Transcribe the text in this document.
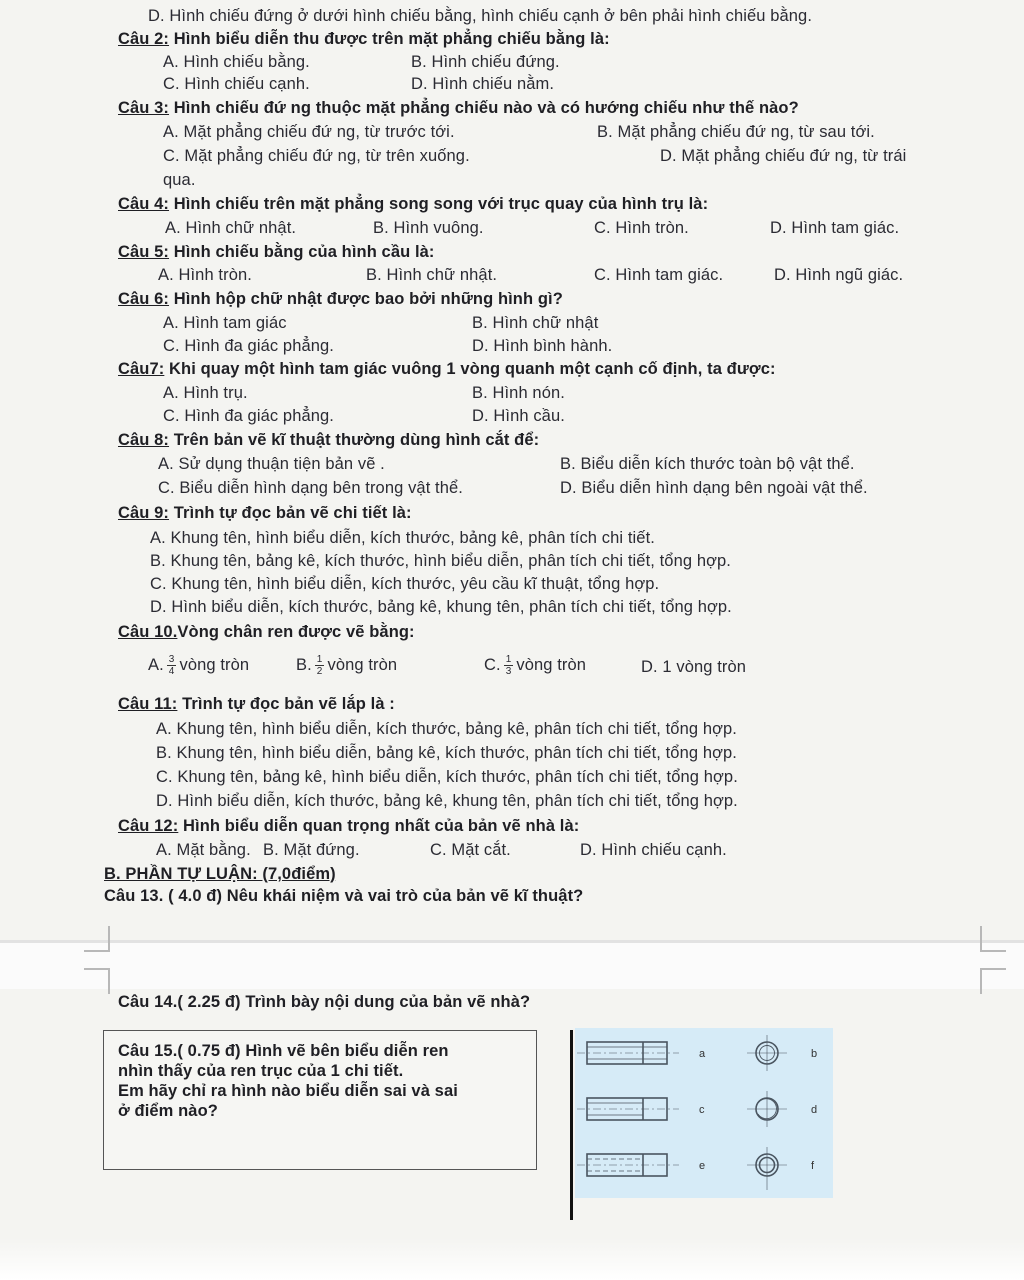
D. Hình chiếu đứng ở dưới hình chiếu bằng, hình chiếu cạnh ở bên phải hình chiếu bằng.
Câu 2: Hình biểu diễn thu được trên mặt phẳng chiếu bằng là:
A. Hình chiếu bằng.	B. Hình chiếu đứng.
C. Hình chiếu cạnh.	D. Hình chiếu nằm.
Câu 3: Hình chiếu đứ ng thuộc mặt phẳng chiếu nào và có hướng chiếu như thế nào?
A. Mặt phẳng chiếu đứ ng, từ trước tới.	B. Mặt phẳng chiếu đứ ng, từ sau tới.
C. Mặt phẳng chiếu đứ ng, từ trên xuống.	D. Mặt phẳng chiếu đứ ng, từ trái
qua.
Câu 4: Hình chiếu trên mặt phẳng song song với trục quay của hình trụ là:
A. Hình chữ nhật.	B. Hình vuông.	C. Hình tròn.	D. Hình tam giác.
Câu 5: Hình chiếu bằng của hình cầu là:
A. Hình tròn.	B. Hình chữ nhật.	C. Hình tam giác.	D. Hình ngũ giác.
Câu 6: Hình hộp chữ nhật được bao bởi những hình gì?
A. Hình tam giác	B. Hình chữ nhật
C. Hình đa giác phẳng.	D. Hình bình hành.
Câu7: Khi quay một hình tam giác vuông 1 vòng quanh một cạnh cố định, ta được:
A. Hình trụ.	B. Hình nón.
C. Hình đa giác phẳng.	D. Hình cầu.
Câu 8: Trên bản vẽ kĩ thuật thường dùng hình cắt để:
A. Sử dụng thuận tiện bản vẽ .	B. Biểu diễn kích thước toàn bộ vật thể.
C. Biểu diễn hình dạng bên trong vật thể.	D. Biểu diễn hình dạng bên ngoài vật thể.
Câu 9: Trình tự đọc bản vẽ chi tiết là:
A. Khung tên, hình biểu diễn, kích thước, bảng kê, phân tích chi tiết.
B. Khung tên, bảng kê, kích thước, hình biểu diễn, phân tích chi tiết, tổng hợp.
C. Khung tên, hình biểu diễn, kích thước, yêu cầu kĩ thuật, tổng hợp.
D. Hình biểu diễn, kích thước, bảng kê, khung tên, phân tích chi tiết, tổng hợp.
Câu 10.Vòng chân ren được vẽ bằng:
A. $\frac{3}{4}$ vòng tròn	B. $\frac{1}{2}$ vòng tròn	C. $\frac{1}{3}$ vòng tròn	D. 1 vòng tròn
Câu 11: Trình tự đọc bản vẽ lắp là :
A. Khung tên, hình biểu diễn, kích thước, bảng kê, phân tích chi tiết, tổng hợp.
B. Khung tên, hình biểu diễn, bảng kê, kích thước, phân tích chi tiết, tổng hợp.
C. Khung tên, bảng kê, hình biểu diễn, kích thước, phân tích chi tiết, tổng hợp.
D. Hình biểu diễn, kích thước, bảng kê, khung tên, phân tích chi tiết, tổng hợp.
Câu 12: Hình biểu diễn quan trọng nhất của bản vẽ nhà là:
A. Mặt bằng. B. Mặt đứng.	C. Mặt cắt.	D. Hình chiếu cạnh.
B. PHẦN TỰ LUẬN: (7,0điểm)
Câu 13. ( 4.0 đ) Nêu khái niệm và vai trò của bản vẽ kĩ thuật?
Câu 14.( 2.25 đ) Trình bày nội dung của bản vẽ nhà?
Câu 15.( 0.75 đ) Hình vẽ bên biểu diễn ren
nhìn thấy của ren trục của 1 chi tiết.
Em hãy chỉ ra hình nào biểu diễn sai và sai
ở điểm nào?
a	b
c	d
e	f
